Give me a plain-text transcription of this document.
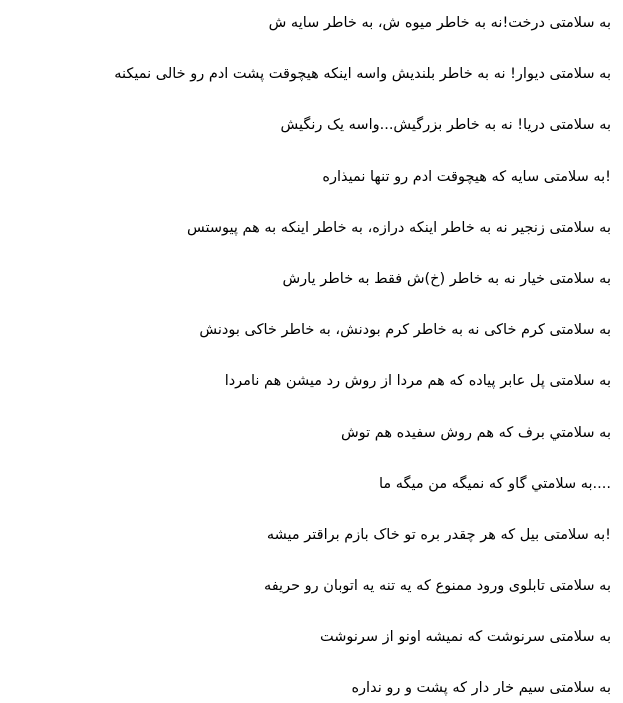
به سلامتی درخت!نه به خاطر میوه ش، به خاطر سایه ش
به سلامتی دیوار! نه به خاطر بلندیش واسه اینکه هیچوقت پشت ادم رو خالی نمیکنه
به سلامتی دریا! نه به خاطر بزرگیش...واسه یک رنگیش
!به سلامتی سایه که هیچوقت ادم رو تنها نمیذاره
به سلامتی زنجیر نه به خاطر اینکه درازه، به خاطر اینکه به هم پیوستس
به سلامتی خیار نه به خاطر (خ)ش فقط به خاطر یارش
به سلامتی کرم خاکی نه به خاطر کرم بودنش، به خاطر خاکی بودنش
به سلامتی پل عابر پیاده که هم مردا از روش رد میشن هم نامردا
به سلامتي برف كه هم روش سفيده هم توش
....به سلامتي گاو که نمیگه من میگه ما
!به سلامتی بیل که هر چقدر بره تو خاک بازم براقتر میشه
به سلامتی تابلوی ورود ممنوع که یه تنه یه اتوبان رو حریفه
به سلامتی سرنوشت که نمیشه اونو از سرنوشت
به سلامتی سیم خار دار که پشت و رو نداره
